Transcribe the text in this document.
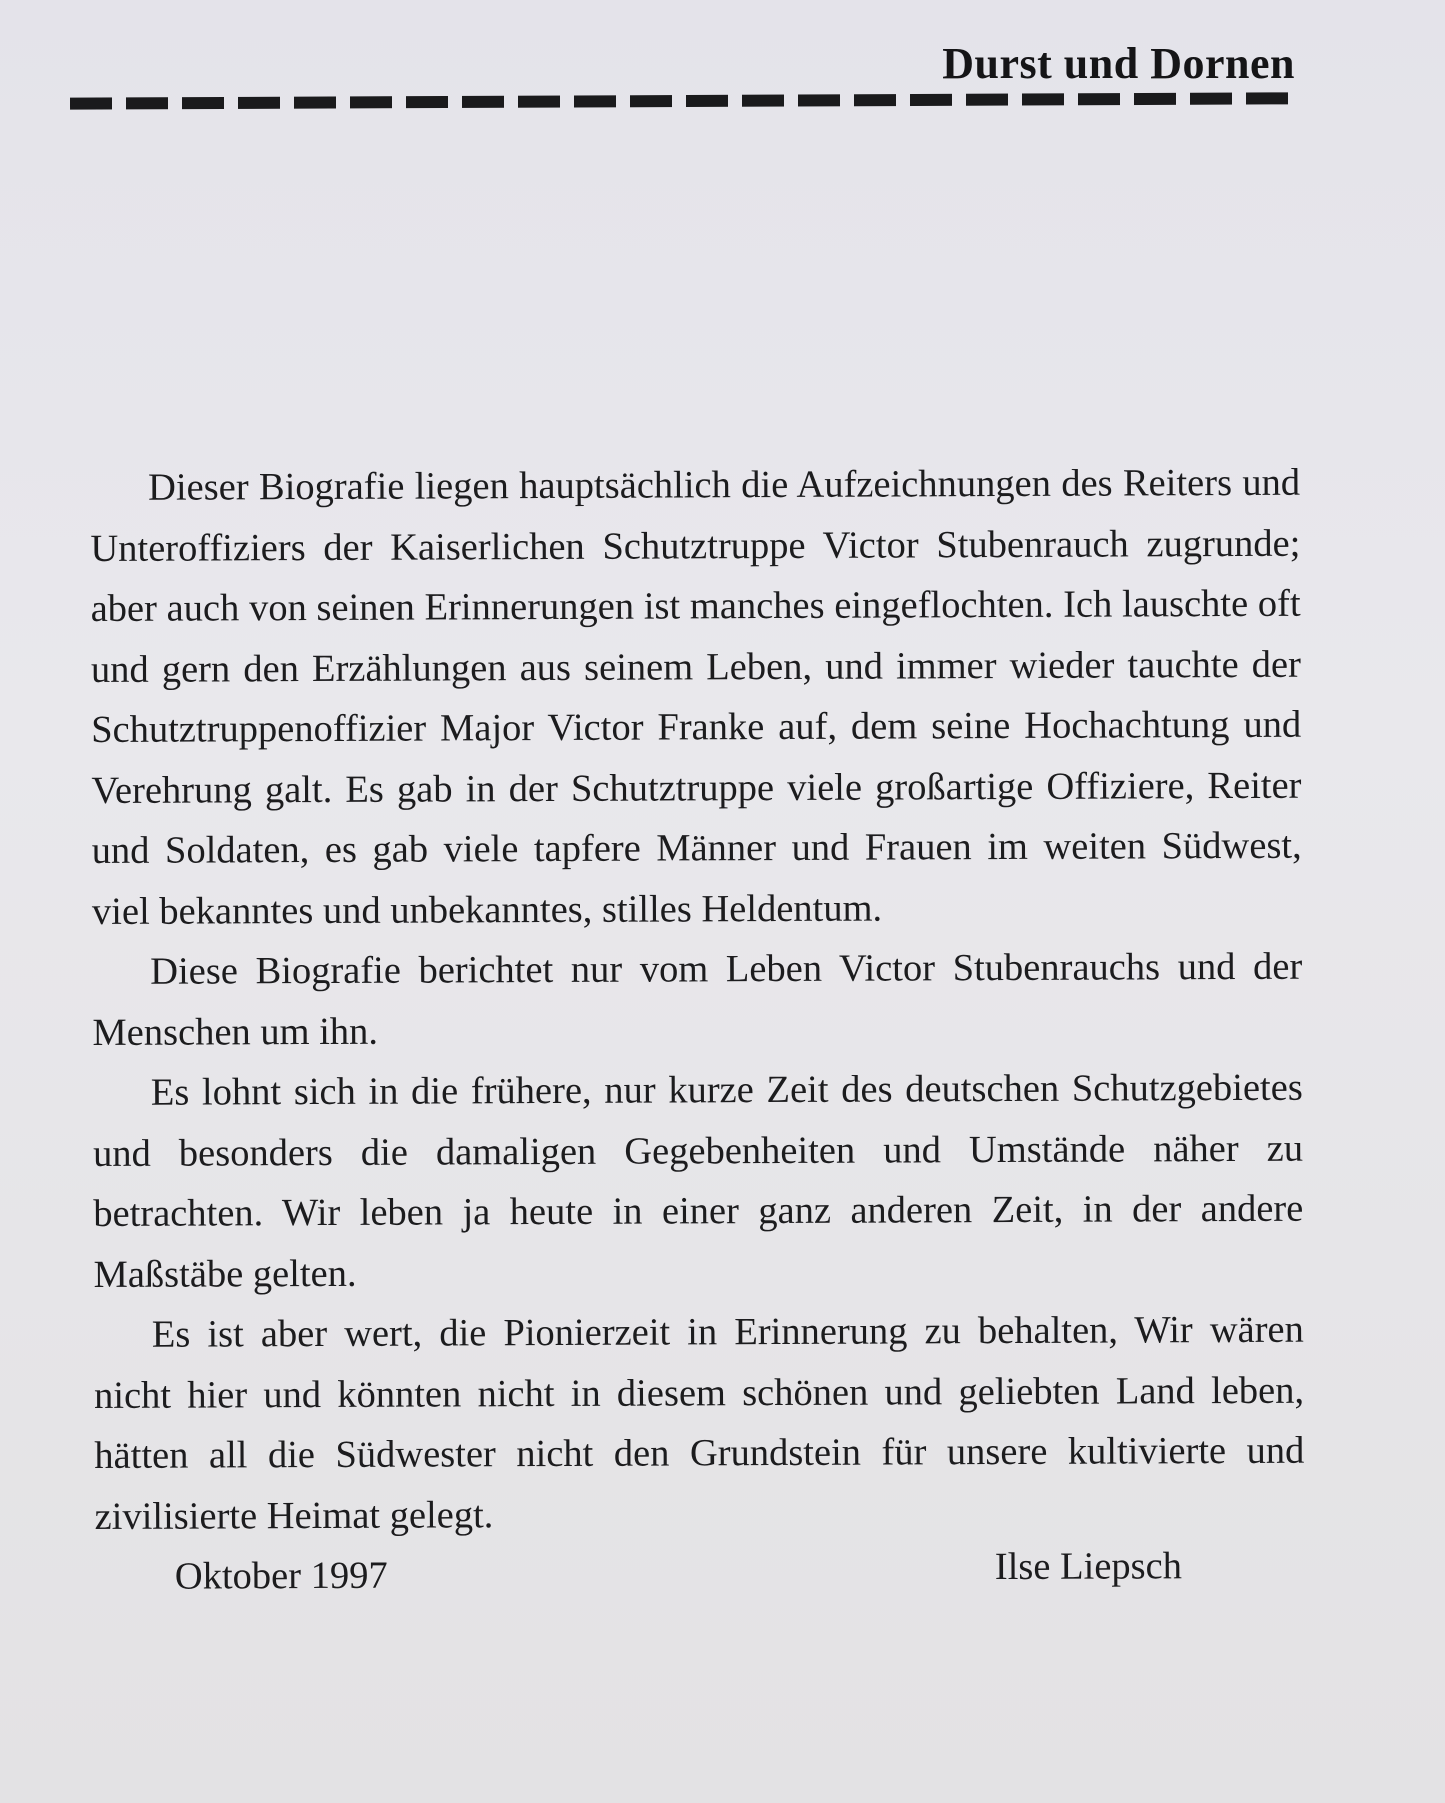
Durst und Dornen

Dieser Biografie liegen hauptsächlich die Aufzeichnungen des Reiters und Unteroffiziers der Kaiserlichen Schutztruppe Victor Stubenrauch zugrunde; aber auch von seinen Erinnerungen ist manches eingeflochten. Ich lauschte oft und gern den Erzählungen aus seinem Leben, und immer wieder tauchte der Schutztruppenoffizier Major Victor Franke auf, dem seine Hochachtung und Verehrung galt. Es gab in der Schutztruppe viele großartige Offiziere, Reiter und Soldaten, es gab viele tapfere Männer und Frauen im weiten Südwest, viel bekanntes und unbekanntes, stilles Heldentum.

Diese Biografie berichtet nur vom Leben Victor Stubenrauchs und der Menschen um ihn.

Es lohnt sich in die frühere, nur kurze Zeit des deutschen Schutzgebietes und besonders die damaligen Gegebenheiten und Umstände näher zu betrachten. Wir leben ja heute in einer ganz anderen Zeit, in der andere Maßstäbe gelten.

Es ist aber wert, die Pionierzeit in Erinnerung zu behalten, Wir wären nicht hier und könnten nicht in diesem schönen und geliebten Land leben, hätten all die Südwester nicht den Grundstein für unsere kultivierte und zivilisierte Heimat gelegt.

Oktober 1997	Ilse Liepsch
